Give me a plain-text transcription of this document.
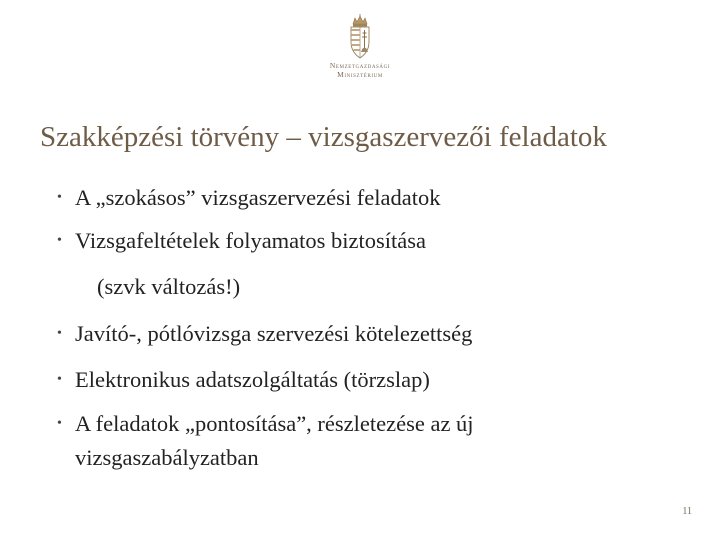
Nemzetgazdasági
Minisztérium
Szakképzési törvény – vizsgaszervezői feladatok
• A „szokásos” vizsgaszervezési feladatok
• Vizsgafeltételek folyamatos biztosítása
(szvk változás!)
• Javító-, pótlóvizsga szervezési kötelezettség
• Elektronikus adatszolgáltatás (törzslap)
• A feladatok „pontosítása”, részletezése az új
vizsgaszabályzatban
11
